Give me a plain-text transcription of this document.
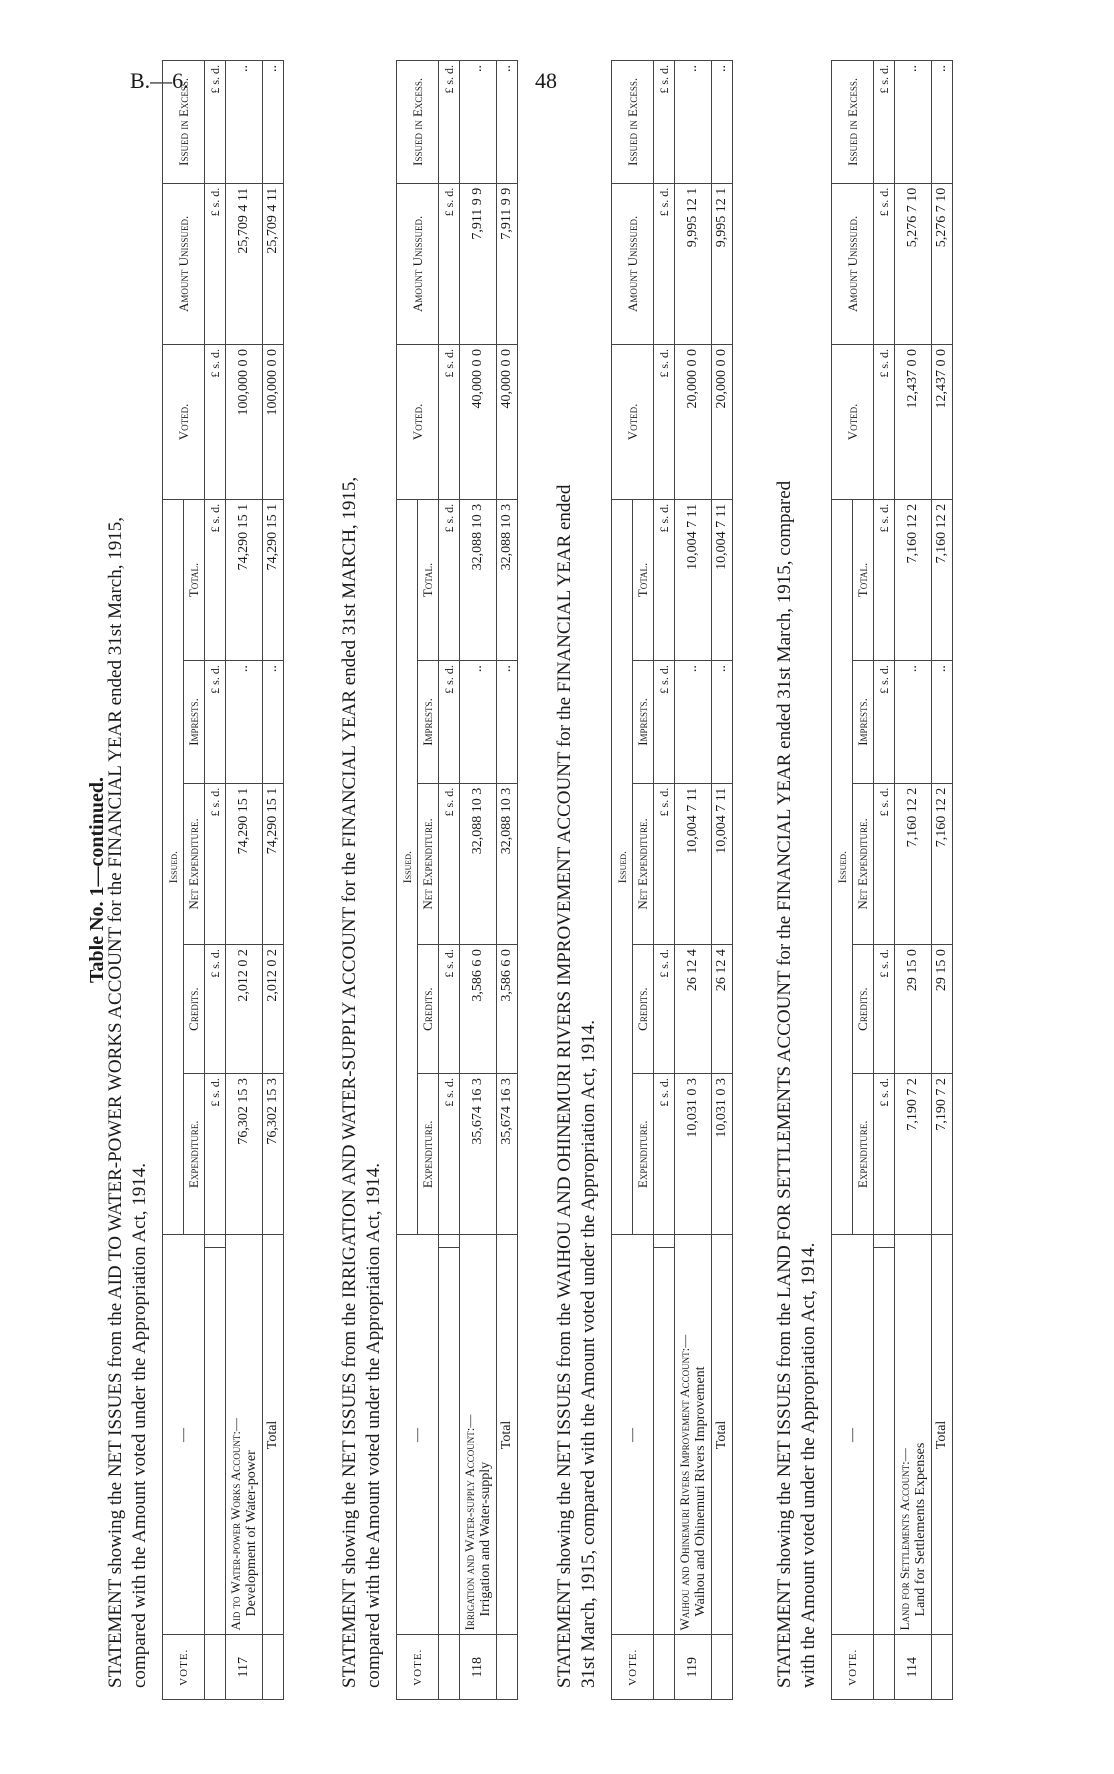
B.—6.	48
Table No. 1—continued.
STATEMENT showing the NET ISSUES from the AID TO WATER-POWER WORKS ACCOUNT for the FINANCIAL YEAR ended 31st March, 1915, compared with the Amount voted under the Appropriation Act, 1914.	VOTE.	—		Issued.					Voted.	Amount Unissued.	Issued in Excess.
			Expenditure.	Credits.	Net Expenditure.	Imprests.	Total.			
			£ s. d.	£ s. d.	£ s. d.	£ s. d.	£ s. d.	£ s. d.	£ s. d.	£ s. d.
117	Aid to Water-power Works Account:— Development of Water-power		76,302 15 3	2,012 0 2	74,290 15 1	..	74,290 15 1	100,000 0 0	25,709 4 11	..
	Total		76,302 15 3	2,012 0 2	74,290 15 1	..	74,290 15 1	100,000 0 0	25,709 4 11	..
STATEMENT showing the NET ISSUES from the IRRIGATION AND WATER-SUPPLY ACCOUNT for the FINANCIAL YEAR ended 31st MARCH, 1915, compared with the Amount voted under the Appropriation Act, 1914.	VOTE.	—		Issued.					Voted.	Amount Unissued.	Issued in Excess.
			Expenditure.	Credits.	Net Expenditure.	Imprests.	Total.			
			£ s. d.	£ s. d.	£ s. d.	£ s. d.	£ s. d.	£ s. d.	£ s. d.	£ s. d.
118	Irrigation and Water-supply Account:— Irrigation and Water-supply		35,674 16 3	3,586 6 0	32,088 10 3	..	32,088 10 3	40,000 0 0	7,911 9 9	..
	Total		35,674 16 3	3,586 6 0	32,088 10 3	..	32,088 10 3	40,000 0 0	7,911 9 9	..
STATEMENT showing the NET ISSUES from the WAIHOU AND OHINEMURI RIVERS IMPROVEMENT ACCOUNT for the FINANCIAL YEAR ended 31st March, 1915, compared with the Amount voted under the Appropriation Act, 1914.	VOTE.	—		Issued.					Voted.	Amount Unissued.	Issued in Excess.
			Expenditure.	Credits.	Net Expenditure.	Imprests.	Total.			
			£ s. d.	£ s. d.	£ s. d.	£ s. d.	£ s. d.	£ s. d.	£ s. d.	£ s. d.
119	Waihou and Ohinemuri Rivers Improvement Account:— Waihou and Ohinemuri Rivers Improvement		10,031 0 3	26 12 4	10,004 7 11	..	10,004 7 11	20,000 0 0	9,995 12 1	..
	Total		10,031 0 3	26 12 4	10,004 7 11	..	10,004 7 11	20,000 0 0	9,995 12 1	..
STATEMENT showing the NET ISSUES from the LAND FOR SETTLEMENTS ACCOUNT for the FINANCIAL YEAR ended 31st March, 1915, compared with the Amount voted under the Appropriation Act, 1914.	VOTE.	—		Issued.					Voted.	Amount Unissued.	Issued in Excess.
			Expenditure.	Credits.	Net Expenditure.	Imprests.	Total.			
			£ s. d.	£ s. d.	£ s. d.	£ s. d.	£ s. d.	£ s. d.	£ s. d.	£ s. d.
114	Land for Settlements Account:— Land for Settlements Expenses		7,190 7 2	29 15 0	7,160 12 2	..	7,160 12 2	12,437 0 0	5,276 7 10	..
	Total		7,190 7 2	29 15 0	7,160 12 2	..	7,160 12 2	12,437 0 0	5,276 7 10	..
